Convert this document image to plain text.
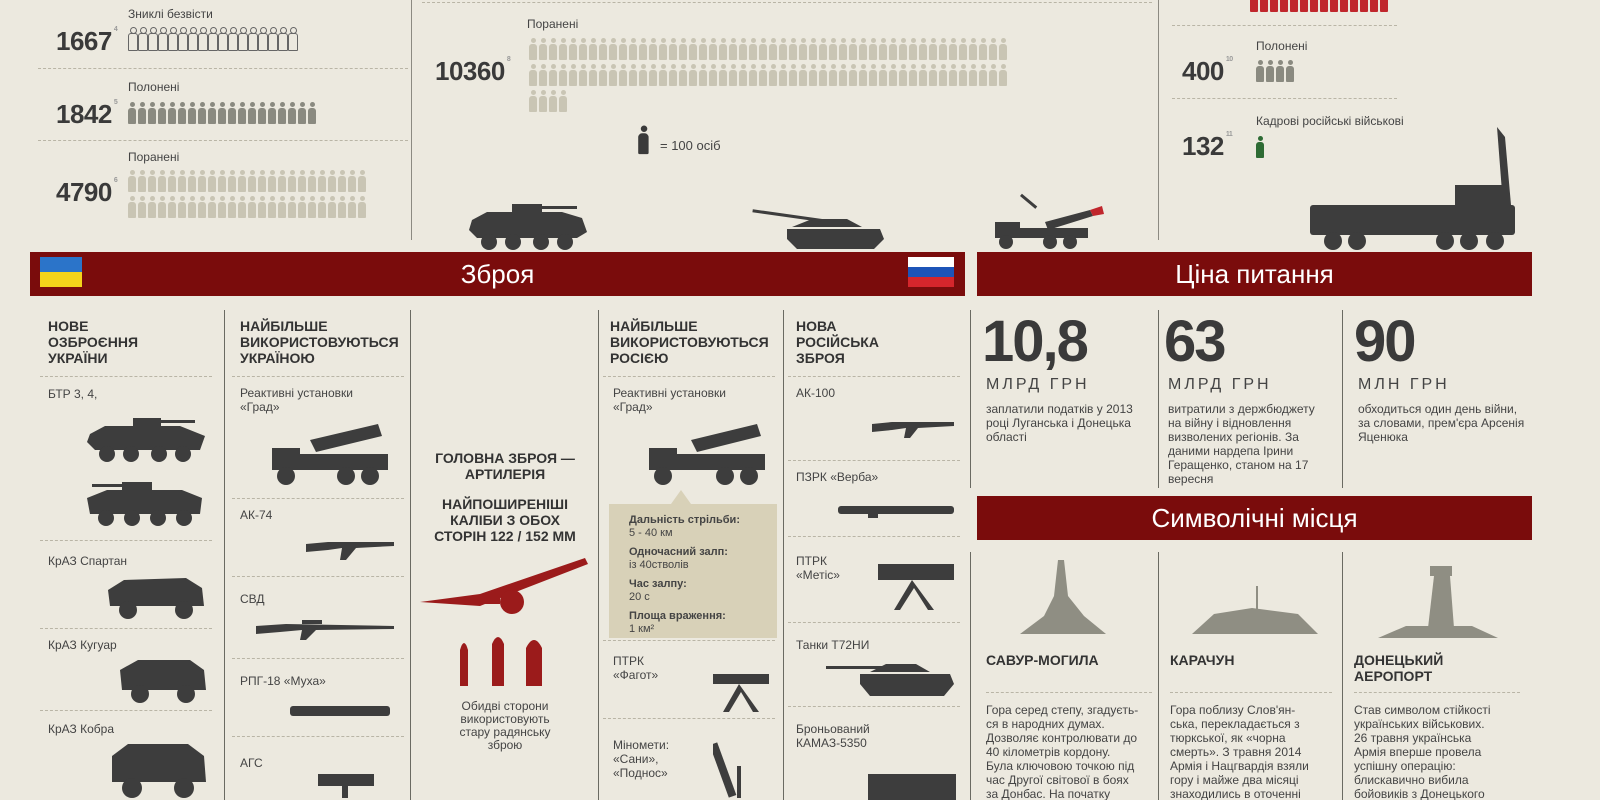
Зниклі безвісти
1667 $^4$
Полонені
1842 $^5$
Поранені
4790 $^6$
Поранені
10360 $^8$
= 100 осіб
Полонені
400 $^{10}$
Кадрові російські військові
132 $^{11}$
Зброя	Ціна питання
НОВЕ
ОЗБРОЄННЯ
УКРАЇНИ
БТР 3, 4,
КрАЗ Спартан
КрАЗ Кугуар
КрАЗ Кобра
НАЙБІЛЬШЕ
ВИКОРИСТОВУЮТЬСЯ
УКРАЇНОЮ
Реактивні установки «Град»
АК-74
СВД
РПГ-18 «Муха»
АГС
ГОЛОВНА ЗБРОЯ —
АРТИЛЕРІЯ
НАЙПОШИРЕНІШІ
КАЛІБИ З ОБОХ
СТОРІН 122 / 152 ММ
Обидві сторони
використовують
стару радянську
зброю
НАЙБІЛЬШЕ
ВИКОРИСТОВУЮТЬСЯ
РОСІЄЮ
Реактивні установки
«Град»
Дальність стрільби:
5 - 40 км
Одночасний залп:
із 40стволів
Час залпу:
20 с
Площа враження:
1 км²
ПТРК
«Фагот»
Міномети:
«Сани»,
«Поднос»
НОВА
РОСІЙСЬКА
ЗБРОЯ
АК-100
ПЗРК «Верба»
ПТРК «Метіс»
Танки Т72НИ
Броньований КАМАЗ-5350
10,8
МЛРД ГРН
заплатили податків у 2013
році Луганська і Донецька
області
63
МЛРД ГРН
витратили з держбюджету
на війну і відновлення
визволених регіонів. За
даними нардепа Ірини
Геращенко, станом на 17
вересня
90
МЛН ГРН
обходиться один день війни,
за словами, прем'єра Арсенія
Яценюка
Символічні місця
САВУР-МОГИЛА
Гора серед степу, згадуєть-
ся в народних думах.
Дозволяє контролювати до
40 кілометрів кордону.
Була ключовою точкою під
час Другої світової в боях
за Донбас. На початку
КАРАЧУН
Гора поблизу Слов'ян-
ська, перекладається з
тюркської, як «чорна
смерть». З травня 2014
Армія і Нацгвардія взяли
гору і майже два місяці
знаходились в оточенні
ДОНЕЦЬКИЙ
АЕРОПОРТ
Став символом стійкості
українських військових.
26 травня українська
Армія вперше провела
успішну операцію:
блискавично вибила
бойовиків з Донецького
